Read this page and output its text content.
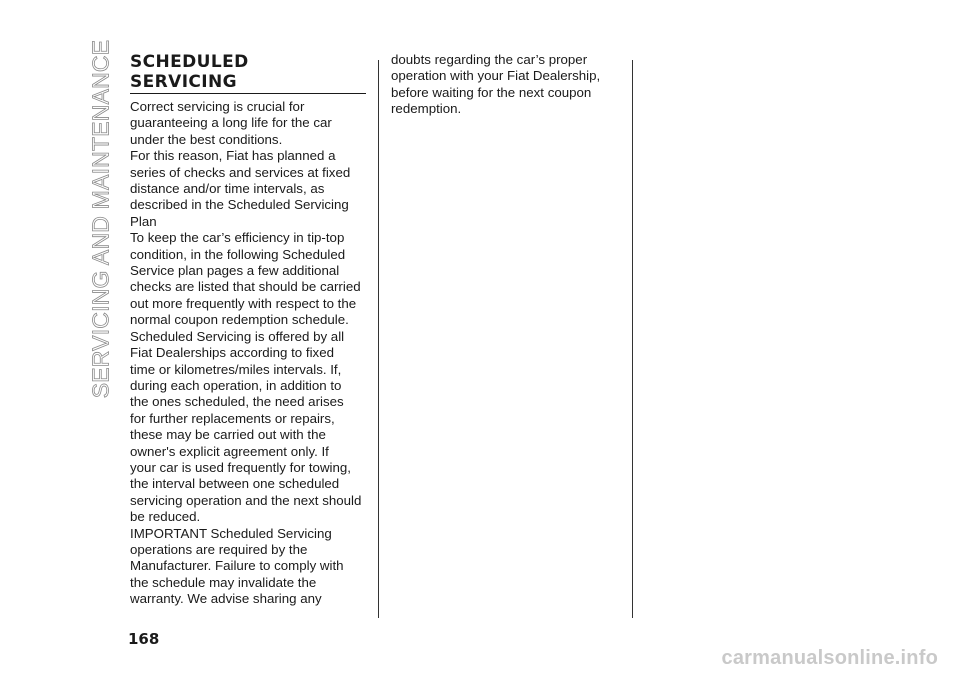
SERVICING AND MAINTENANCE SCHEDULED
SERVICING

Correct servicing is crucial for
guaranteeing a long life for the car
under the best conditions.
For this reason, Fiat has planned a
series of checks and services at fixed
distance and/or time intervals, as
described in the Scheduled Servicing
Plan
To keep the car’s efficiency in tip-top
condition, in the following Scheduled
Service plan pages a few additional
checks are listed that should be carried
out more frequently with respect to the
normal coupon redemption schedule.
Scheduled Servicing is offered by all
Fiat Dealerships according to fixed
time or kilometres/miles intervals. If,
during each operation, in addition to
the ones scheduled, the need arises
for further replacements or repairs,
these may be carried out with the
owner's explicit agreement only. If
your car is used frequently for towing,
the interval between one scheduled
servicing operation and the next should
be reduced.
IMPORTANT Scheduled Servicing
operations are required by the
Manufacturer. Failure to comply with
the schedule may invalidate the
warranty. We advise sharing any

doubts regarding the car’s proper
operation with your Fiat Dealership,
before waiting for the next coupon
redemption.

168
carmanualsonline.info
